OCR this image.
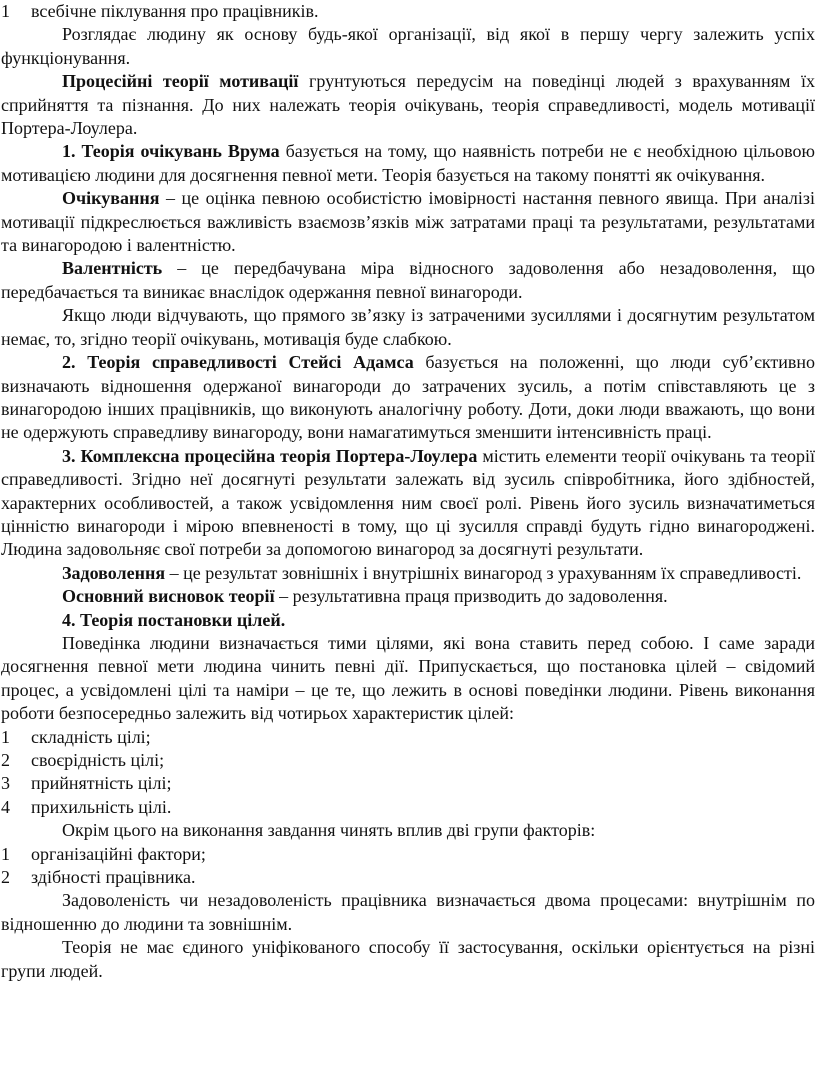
1	всебічне піклування про працівників.

Розглядає людину як основу будь-якої організації, від якої в першу чергу залежить успіх функціонування.

Процесійні теорії мотивації грунтуються передусім на поведінці людей з врахуванням їх сприйняття та пізнання. До них належать теорія очікувань, теорія справедливості, модель мотивації Портера-Лоулера.

1. Теорія очікувань Врума базується на тому, що наявність потреби не є необхідною цільовою мотивацією людини для досягнення певної мети. Теорія базується на такому понятті як очікування.

Очікування – це оцінка певною особистістю імовірності настання певного явища. При аналізі мотивації підкреслюється важливість взаємозв’язків між затратами праці та результатами, результатами та винагородою і валентністю.

Валентність – це передбачувана міра відносного задоволення або незадоволення, що передбачається та виникає внаслідок одержання певної винагороди.

Якщо люди відчувають, що прямого зв’язку із затраченими зусиллями і досягнутим результатом немає, то, згідно теорії очікувань, мотивація буде слабкою.

2. Теорія справедливості Стейсі Адамса базується на положенні, що люди суб’єктивно визначають відношення одержаної винагороди до затрачених зусиль, а потім співставляють це з винагородою інших працівників, що виконують аналогічну роботу. Доти, доки люди вважають, що вони не одержують справедливу винагороду, вони намагатимуться зменшити інтенсивність праці.

3. Комплексна процесійна теорія Портера-Лоулера містить елементи теорії очікувань та теорії справедливості. Згідно неї досягнуті результати залежать від зусиль співробітника, його здібностей, характерних особливостей, а також усвідомлення ним своєї ролі. Рівень його зусиль визначатиметься цінністю винагороди і мірою впевненості в тому, що ці зусилля справді будуть гідно винагороджені. Людина задовольняє свої потреби за допомогою винагород за досягнуті результати.

Задоволення – це результат зовнішніх і внутрішніх винагород з урахуванням їх справедливості.

Основний висновок теорії – результативна праця призводить до задоволення.

4. Теорія постановки цілей.

Поведінка людини визначається тими цілями, які вона ставить перед собою. І саме заради досягнення певної мети людина чинить певні дії. Припускається, що постановка цілей – свідомий процес, а усвідомлені цілі та наміри – це те, що лежить в основі поведінки людини. Рівень виконання роботи безпосередньо залежить від чотирьох характеристик цілей:

1	складність цілі;
2	своєрідність цілі;
3	прийнятність цілі;
4	прихильність цілі.

Окрім цього на виконання завдання чинять вплив дві групи факторів:

1	організаційні фактори;
2	здібності працівника.

Задоволеність чи незадоволеність працівника визначається двома процесами: внутрішнім по відношенню до людини та зовнішнім.

Теорія не має єдиного уніфікованого способу її застосування, оскільки орієнтується на різні групи людей.
